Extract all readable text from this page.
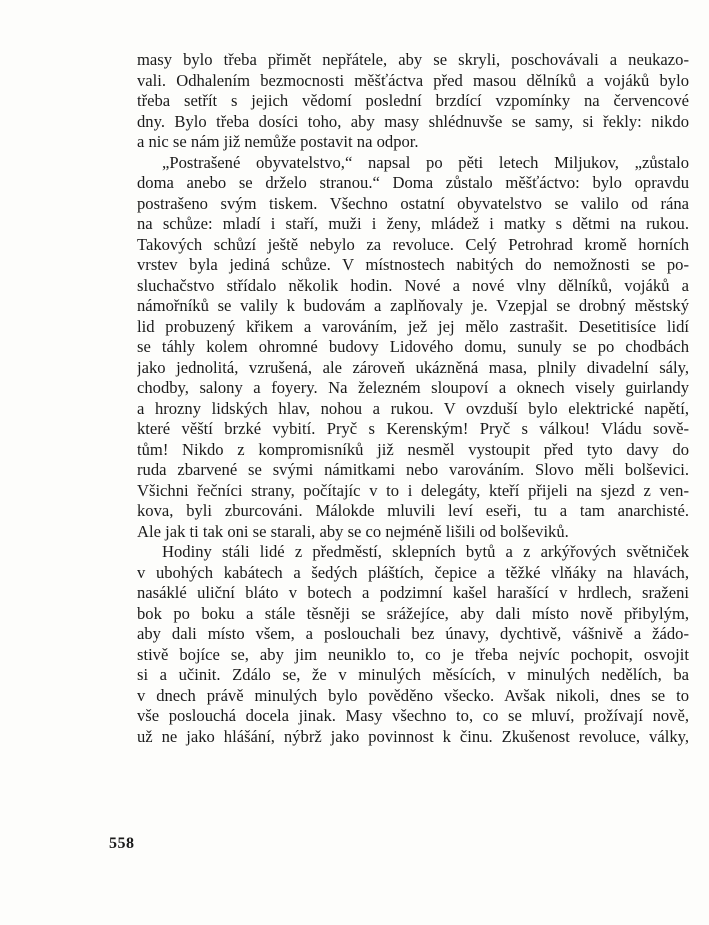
masy bylo třeba přimět nepřátele, aby se skryli, poschovávali a neukazo-
vali. Odhalením bezmocnosti měšťáctva před masou dělníků a vojáků bylo
třeba setřít s jejich vědomí poslední brzdící vzpomínky na červencové
dny. Bylo třeba dosíci toho, aby masy shlédnuvše se samy, si řekly: nikdo
a nic se nám již nemůže postavit na odpor.
„Postrašené obyvatelstvo,“ napsal po pěti letech Miljukov, „zůstalo
doma anebo se drželo stranou.“ Doma zůstalo měšťáctvo: bylo opravdu
postrašeno svým tiskem. Všechno ostatní obyvatelstvo se valilo od rána
na schůze: mladí i staří, muži i ženy, mládež i matky s dětmi na rukou.
Takových schůzí ještě nebylo za revoluce. Celý Petrohrad kromě horních
vrstev byla jediná schůze. V místnostech nabitých do nemožnosti se po-
sluchačstvo střídalo několik hodin. Nové a nové vlny dělníků, vojáků a
námořníků se valily k budovám a zaplňovaly je. Vzepjal se drobný městský
lid probuzený křikem a varováním, jež jej mělo zastrašit. Desetitisíce lidí
se táhly kolem ohromné budovy Lidového domu, sunuly se po chodbách
jako jednolitá, vzrušená, ale zároveň ukázněná masa, plnily divadelní sály,
chodby, salony a foyery. Na železném sloupoví a oknech visely guirlandy
a hrozny lidských hlav, nohou a rukou. V ovzduší bylo elektrické napětí,
které věští brzké vybití. Pryč s Kerenským! Pryč s válkou! Vládu sově-
tům! Nikdo z kompromisníků již nesměl vystoupit před tyto davy do
ruda zbarvené se svými námitkami nebo varováním. Slovo měli bolševici.
Všichni řečníci strany, počítajíc v to i delegáty, kteří přijeli na sjezd z ven-
kova, byli zburcováni. Málokde mluvili leví eseři, tu a tam anarchisté.
Ale jak ti tak oni se starali, aby se co nejméně lišili od bolševiků.
Hodiny stáli lidé z předměstí, sklepních bytů a z arkýřových světniček
v ubohých kabátech a šedých pláštích, čepice a těžké vlňáky na hlavách,
nasáklé uliční bláto v botech a podzimní kašel harašící v hrdlech, sraženi
bok po boku a stále těsněji se srážejíce, aby dali místo nově přibylým,
aby dali místo všem, a poslouchali bez únavy, dychtivě, vášnivě a žádo-
stivě bojíce se, aby jim neuniklo to, co je třeba nejvíc pochopit, osvojit
si a učinit. Zdálo se, že v minulých měsících, v minulých nedělích, ba
v dnech právě minulých bylo pověděno všecko. Avšak nikoli, dnes se to
vše poslouchá docela jinak. Masy všechno to, co se mluví, prožívají nově,
už ne jako hlášání, nýbrž jako povinnost k činu. Zkušenost revoluce, války,
558
